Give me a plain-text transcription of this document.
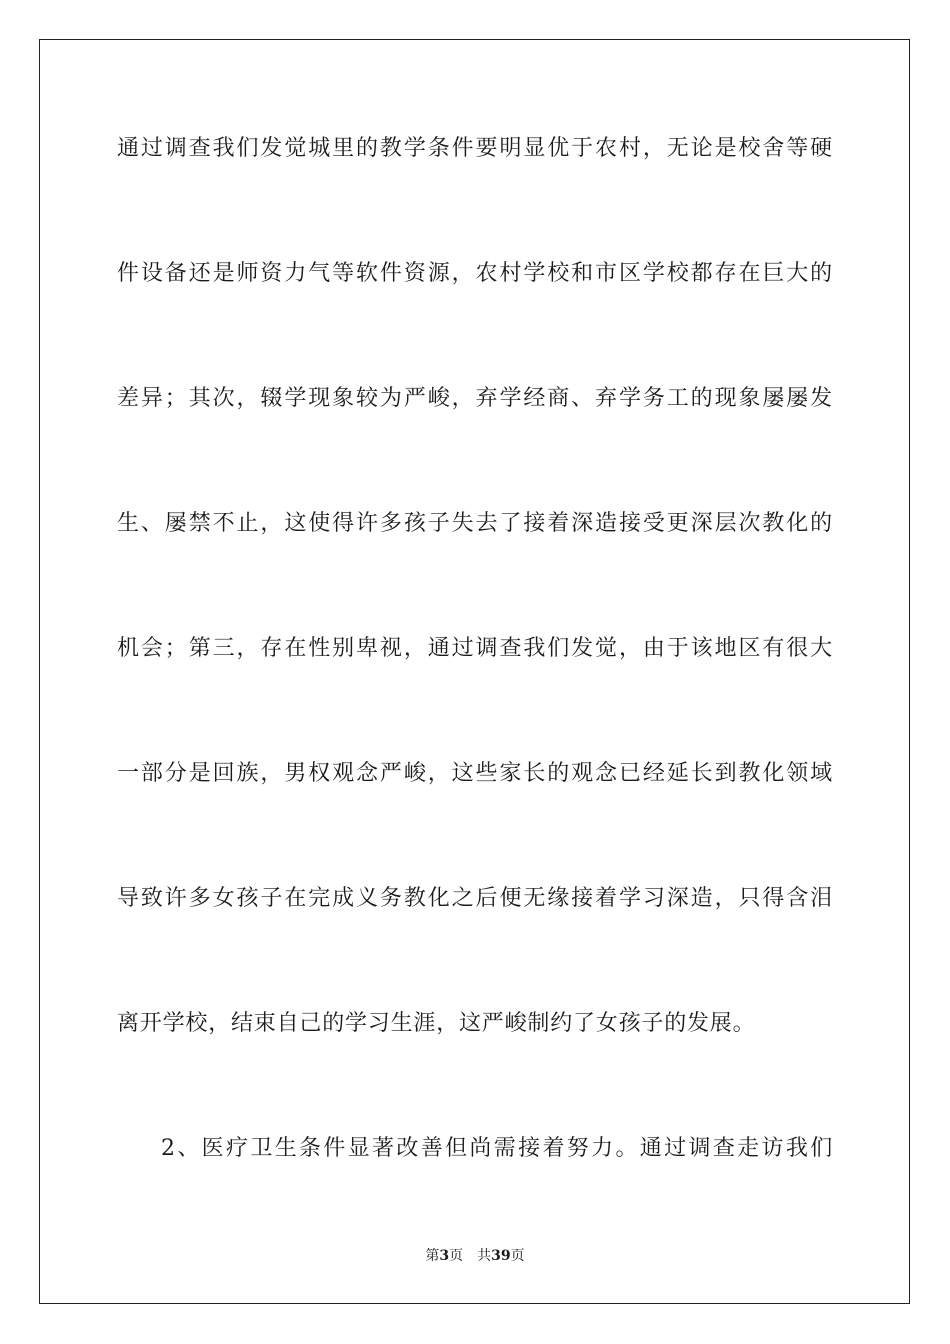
通过调查我们发觉城里的教学条件要明显优于农村，无论是校舍等硬
件设备还是师资力气等软件资源，农村学校和市区学校都存在巨大的
差异；其次，辍学现象较为严峻，弃学经商、弃学务工的现象屡屡发
生、屡禁不止，这使得许多孩子失去了接着深造接受更深层次教化的
机会；第三，存在性别卑视，通过调查我们发觉，由于该地区有很大
一部分是回族，男权观念严峻，这些家长的观念已经延长到教化领域
导致许多女孩子在完成义务教化之后便无缘接着学习深造，只得含泪
离开学校，结束自己的学习生涯，这严峻制约了女孩子的发展。
2、医疗卫生条件显著改善但尚需接着努力。通过调查走访我们
第3页 共39页
